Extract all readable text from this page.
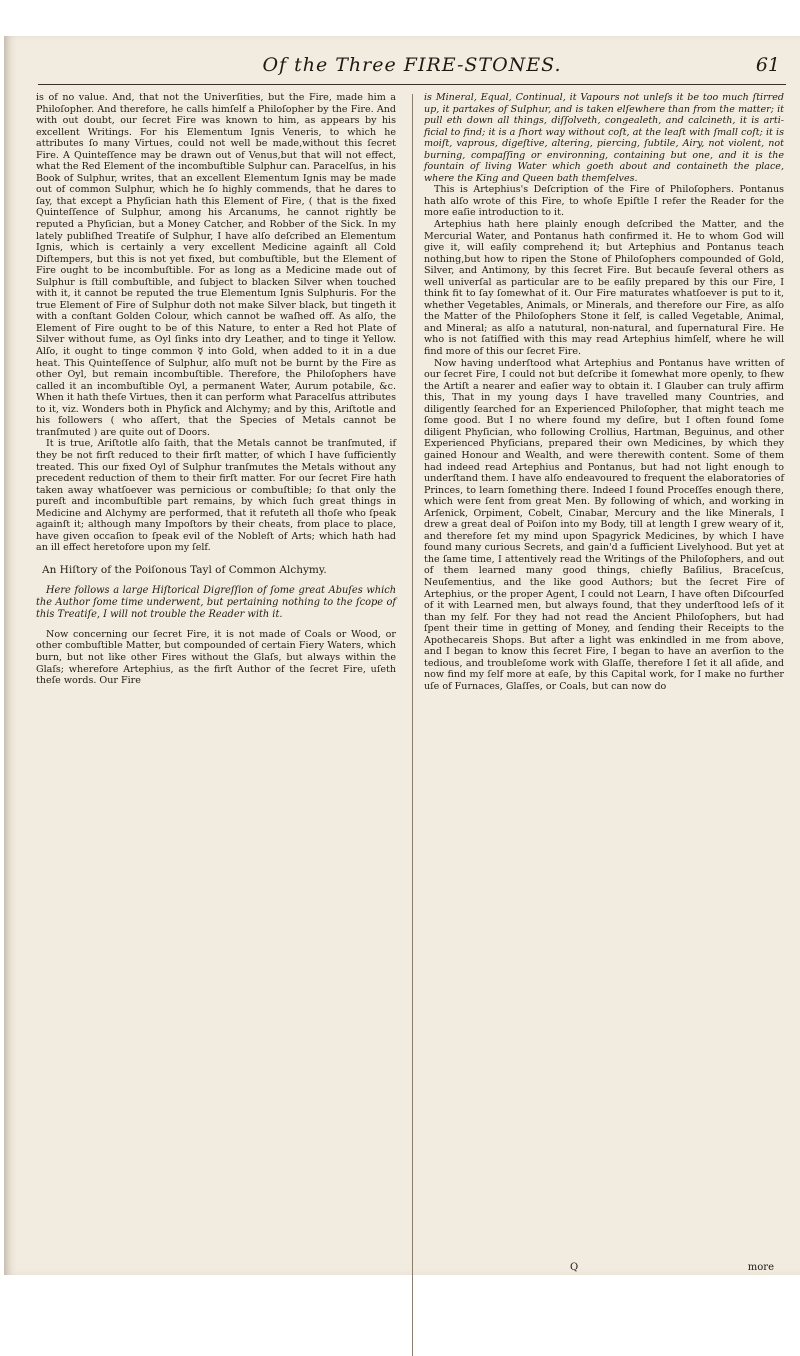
Of the Three FIRE-STONES.	61

is of no value. And, that not the Univerſities, but the Fire, made him a Philoſopher. And therefore, he calls himſelf a Philoſopher by the Fire. And with out doubt, our ſecret Fire was known to him, as appears by his excellent Writings. For his Elementum Ignis Veneris, to which he attributes ſo many Virtues, could not well be made,without this ſecret Fire. A Quinteſſence may be drawn out of Venus,but that will not effect, what the Red Element of the incombuſtible Sulphur can. Paracelſus, in his Book of Sulphur, writes, that an excellent Elementum Ignis may be made out of common Sulphur, which he ſo highly commends, that he dares to ſay, that except a Phyſician hath this Element of Fire, ( that is the fixed Quinteſſence of Sulphur, among his Arcanums, he cannot rightly be reputed a Phyſician, but a Money Catcher, and Robber of the Sick. In my lately publiſhed Treatiſe of Sulphur, I have alſo deſcribed an Elementum Ignis, which is certainly a very excellent Medicine againſt all Cold Diſtempers, but this is not yet fixed, but combuſtible, but the Element of Fire ought to be incombuſtible. For as long as a Medicine made out of Sulphur is ſtill combuſtible, and ſubject to blacken Silver when touched with it, it cannot be reputed the true Elementum Ignis Sulphuris. For the true Element of Fire of Sulphur doth not make Silver black, but tingeth it with a conſtant Golden Colour, which cannot be waſhed off. As alſo, the Element of Fire ought to be of this Nature, to enter a Red hot Plate of Silver without fume, as Oyl ſinks into dry Leather, and to tinge it Yellow. Alſo, it ought to tinge common ☿ into Gold, when added to it in a due heat. This Quinteſſence of Sulphur, alſo muſt not be burnt by the Fire as other Oyl, but remain incombuſtible. Therefore, the Philoſophers have called it an incombuſtible Oyl, a permanent Water, Aurum potabile, &c. When it hath theſe Virtues, then it can perform what Paracelſus attributes to it, viz. Wonders both in Phyſick and Alchymy; and by this, Ariſtotle and his followers ( who aſſert, that the Species of Metals cannot be tranſmuted ) are quite out of Doors.

It is true, Ariſtotle alſo ſaith, that the Metals cannot be tranſmuted, if they be not firſt reduced to their firſt matter, of which I have ſufficiently treated. This our fixed Oyl of Sulphur tranſmutes the Metals without any precedent reduction of them to their firſt matter. For our ſecret Fire hath taken away whatſoever was pernicious or combuſtible; ſo that only the pureſt and incombuſtible part remains, by which ſuch great things in Medicine and Alchymy are performed, that it refuteth all thoſe who ſpeak againſt it; although many Impoſtors by their cheats, from place to place, have given occaſion to ſpeak evil of the Nobleſt of Arts; which hath had an ill effect heretofore upon my ſelf.

An Hiſtory of the Poiſonous Tayl of Common Alchymy.

Here follows a large Hiſtorical Digreſſion of ſome great Abuſes which the Author ſome time underwent, but pertaining nothing to the ſcope of this Treatiſe, I will not trouble the Reader with it.

Now concerning our ſecret Fire, it is not made of Coals or Wood, or other combuſtible Matter, but compounded of certain Fiery Waters, which burn, but not like other Fires without the Glaſs, but always within the Glaſs; wherefore Artephius, as the firſt Author of the ſecret Fire, uſeth theſe words. Our Fire

is Mineral, Equal, Continual, it Vapours not unleſs it be too much ſtirred up, it partakes of Sulphur, and is taken elſewhere than from the matter; it pull eth down all things, diſſolveth, congealeth, and calcineth, it is artificial to find; it is a ſhort way without coſt, at the leaſt with ſmall coſt; it is moiſt, vaprous, digeſtive, altering, piercing, ſubtile, Airy, not violent, not burning, compaſſing or environning, containing but one, and it is the fountain of living Water which goeth about and containeth the place, where the King and Queen bath themſelves.

This is Artephius's Deſcription of the Fire of Philoſophers. Pontanus hath alſo wrote of this Fire, to whoſe Epiſtle I refer the Reader for the more eaſie introduction to it.

Artephius hath here plainly enough deſcribed the Matter, and the Mercurial Water, and Pontanus hath confirmed it. He to whom God will give it, will eaſily comprehend it; but Artephius and Pontanus teach nothing,but how to ripen the Stone of Philoſophers compounded of Gold, Silver, and Antimony, by this ſecret Fire. But becauſe ſeveral others as well univerſal as particular are to be eaſily prepared by this our Fire, I think fit to ſay ſomewhat of it. Our Fire maturates whatſoever is put to it, whether Vegetables, Animals, or Minerals, and therefore our Fire, as alſo the Matter of the Philoſophers Stone it ſelf, is called Vegetable, Animal, and Mineral; as alſo a natutural, non-natural, and ſupernatural Fire. He who is not ſatiſfied with this may read Artephius himſelf, where he will find more of this our ſecret Fire.

Now having underſtood what Artephius and Pontanus have written of our ſecret Fire, I could not but deſcribe it ſomewhat more openly, to ſhew the Artiſt a nearer and eaſier way to obtain it. I Glauber can truly affirm this, That in my young days I have travelled many Countries, and diligently ſearched for an Experienced Philoſopher, that might teach me ſome good. But I no where found my deſire, but I often found ſome diligent Phyſician, who following Crollius, Hartman, Beguinus, and other Experienced Phyſicians, prepared their own Medicines, by which they gained Honour and Wealth, and were therewith content. Some of them had indeed read Artephius and Pontanus, but had not light enough to underſtand them. I have alſo endeavoured to frequent the elaboratories of Princes, to learn ſomething there. Indeed I found Proceſſes enough there, which were ſent from great Men. By following of which, and working in Arſenick, Orpiment, Cobelt, Cinabar, Mercury and the like Minerals, I drew a great deal of Poiſon into my Body, till at length I grew weary of it, and therefore ſet my mind upon Spagyrick Medicines, by which I have found many curious Secrets, and gain'd a ſufficient Livelyhood. But yet at the ſame time, I attentively read the Writings of the Philoſophers, and out of them learned many good things, chiefly Baſilius, Braceſcus, Neuſementius, and the like good Authors; but the ſecret Fire of Artephius, or the proper Agent, I could not Learn, I have often Diſcourſed of it with Learned men, but always found, that they underſtood leſs of it than my ſelf. For they had not read the Ancient Philoſophers, but had ſpent their time in getting of Money, and ſending their Receipts to the Apothecareis Shops. But after a light was enkindled in me from above, and I began to know this ſecret Fire, I began to have an averſion to the tedious, and troubleſome work with Glaſſe, therefore I ſet it all aſide, and now find my ſelf more at eaſe, by this Capital work, for I make no further uſe of Furnaces, Glaſſes, or Coals, but can now do

Q	more
